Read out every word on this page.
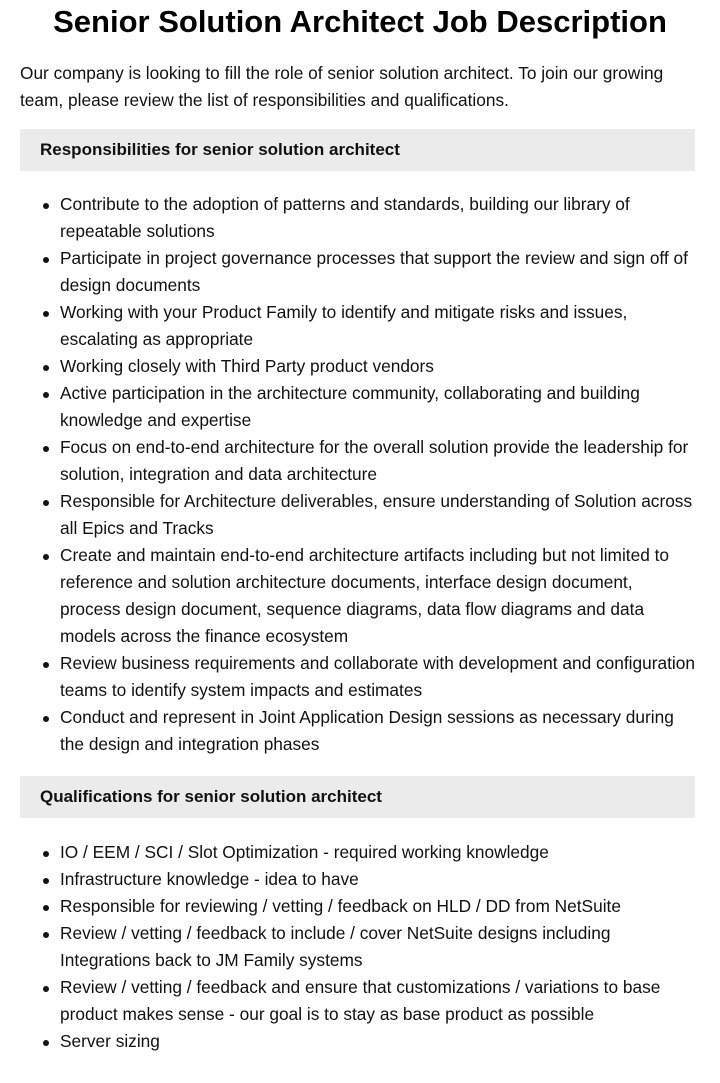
Senior Solution Architect Job Description

Our company is looking to fill the role of senior solution architect. To join our growing team, please review the list of responsibilities and qualifications.

Responsibilities for senior solution architect
Contribute to the adoption of patterns and standards, building our library of repeatable solutions
Participate in project governance processes that support the review and sign off of design documents
Working with your Product Family to identify and mitigate risks and issues, escalating as appropriate
Working closely with Third Party product vendors
Active participation in the architecture community, collaborating and building knowledge and expertise
Focus on end-to-end architecture for the overall solution provide the leadership for solution, integration and data architecture
Responsible for Architecture deliverables, ensure understanding of Solution across all Epics and Tracks
Create and maintain end-to-end architecture artifacts including but not limited to reference and solution architecture documents, interface design document, process design document, sequence diagrams, data flow diagrams and data models across the finance ecosystem
Review business requirements and collaborate with development and configuration teams to identify system impacts and estimates
Conduct and represent in Joint Application Design sessions as necessary during the design and integration phases
Qualifications for senior solution architect
IO / EEM / SCI / Slot Optimization - required working knowledge
Infrastructure knowledge - idea to have
Responsible for reviewing / vetting / feedback on HLD / DD from NetSuite
Review / vetting / feedback to include / cover NetSuite designs including Integrations back to JM Family systems
Review / vetting / feedback and ensure that customizations / variations to base product makes sense - our goal is to stay as base product as possible
Server sizing
